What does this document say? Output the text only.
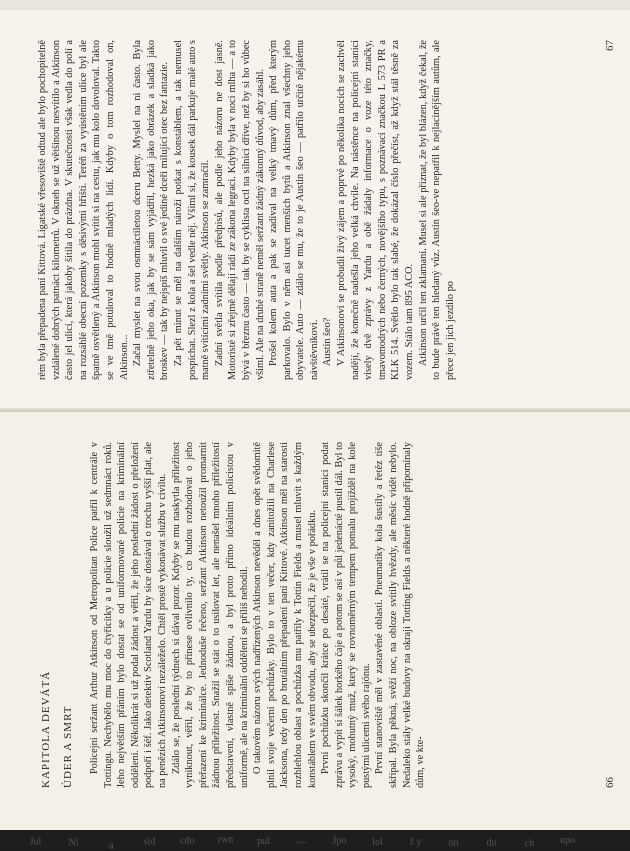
Jul	Ni	a	sid cdo rwn pul	—	Jpo	lol	ž y	nn	du	cb	upo
KAPITOLA DEVÁTÁ ÚDER A SMRT Policejní seržant Arthur Atkinson od Metropolitan Police patřil k centrále v Tottingu. Nechybělo mu moc do čtyřicítky a u policie sloužil už sedmnáct roků. Jeho největším přáním bylo dostat se od uniformované policie na kriminální oddělení. Několikrát si už podal žádost a věřil, že jeho poslední žádost o přeložení podpoří i šéf. Jako detektiv Scotland Yardu by sice dostával o trochu vyšší plat, ale na penězích Atkinsonovi nezáleželo. Chtěl prostě vykonávat službu v civilu. Zdálo se, že poslední týdnech si dával pozor. Kdyby se mu naskytla příležitost vyniknout, věřil, že by to přinese ovlivnilo ty, co budou rozhodovat o jeho přeřazení ke kriminálce. Jednoduše řečeno, seržant Atkinson netoužil promarnit žádnou příležitost. Snažil se stát o to usilovat let, ale nenašel mnoho příležitostí představení, vlastně spíše žádnou, a byl proto přímo ideálním policistou v uniformě, ale na kriminální oddělení se příliš nehodil. O takovém názoru svých nadřízených Atkinson nevěděl a dnes opět svědomitě plnil svoje večerní pochůzky. Bylo to v ten večer, kdy zanítožili na Charlese Jacksona, tedy den po brutálním přepadení paní Kittové. Atkinson měl na starosti rozhlehlou oblast a pochůzka mu patřily k Tottin Fields a musel mluvit s každým konstáblem ve svém obvodu, aby se ubezpečil, že je vše v pořádku. První pochůzku skončil krátce po desáté, vrátil se na policejní stanici podat zprávu a vypít si šálek horkého čaje a potom se asi v půl jedenácté pustil dál. Byl to vysoký, mohutný muž, který se rovnoměrným tempem pomalu projížděl na kole pustými ulicemi svého rajónu. První stanoviště měl v zastavěné oblasti. Pneumatiky kola šustily a řetěz tiše skřípal. Byla pěkná, svěží noc, na obloze svítily hvězdy, ale měsíc vidět nebylo. Nedaleko stály velké budovy na okraji Totting Fields a některé hodně připomínaly dům, ve kte-	66

rém byla přepadena paní Kittová. Ligatské vřesoviště odtud ale bylo pochopitelně vzdálené dobrých patnáct kilometrů. V okneh se už většinou nesvítilo a Atkinson často jel ulicí, která jakoby šitila do prázdna. V skutečnosti však vedla do polí a na rozsáhlé obecní pozemky s děsivými hřišti. Teréň za vyústěním ulice byl ale špatně osvětlený a Atkinson mohl svítit si na cestu, jak mu kolo dovoloval. Takto se ve tmě potuloval to hodně mladých lidí. Kdyby o tom rozhodoval on, Atkinson... Začal myslet na svou osmnáctiletou dceru Betty. Myslel na ni často. Byla ztřetelně jeho oka, jak by se sám vyjádřil, hezká jako obrázek a sladká jako broskev — tak by nejspíš mluvil o své jediné dceři milující otec bez fantazie. Za pět minut se měl na dalším nároží potkat s konstáblem, a tak nemusel pospíchat. Slezl z kola a šel vedle něj. Všiml si, že kousek dál parkuje malé auto s matně svítícími zadními světly. Atkinson se zamračil. Zadní světla svítila podle předpisů, ale podle jeho názoru ne dost jasně. Motoristé si zřejmě dělají rádi ze zákona legraci. Kdyby byla v noci mlha — a to bývá v březnu často — tak by se cyklista octl na silnici dříve, než by si ho vůbec všiml. Ale na druhé straně neměl seržant žádný zákonný důvod, aby zasáhl. Prošel kolem auta a pak se zadíval na velký tmavý dům, před kterým parkovalo. Bylo v něm asi tucet menších bytů a Atkinson znal všechny jeho obyvatele. Auto — zdálo se mu, že to je Austin šeo — patřilo určitě nějakému návštěvníkovi. Austin šeo? V Atkinsonovi se probudil živý zájem a poprvé po několika nocích se zachvěl nadějí, že konečně nadešla jeho velká chvíle. Na nástěnce na policejní stanici visely dvě zprávy z Yardu a obě žádaly informace o voze této značky, tmavomodrých nebo černých, novějšího typu, s poznávací značkou L 573 PR a KLK 514. Světlo bylo tak slabé, že dokázal číslo přečíst, až když stál těsně za vozem. Stálo tam 895 ACO. Atkinson určil ten zklamaní. Musel si ale přiznat, že byl blázen, když čekal, že to bude právě ten hledaný vůz. Austin šeo-ve nepatřil k nejlacinějším autům, ale přece jen jich jezdilo po

67
